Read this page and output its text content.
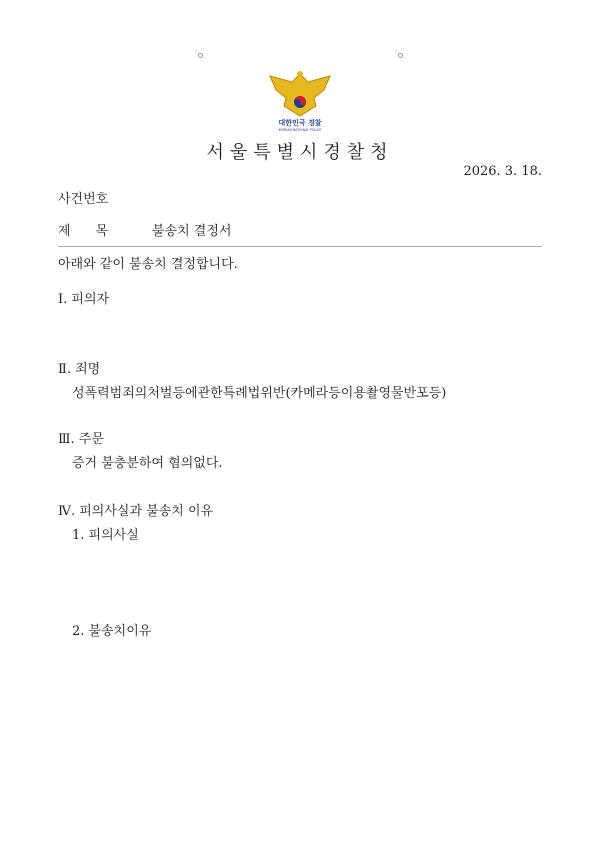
대한민국 경찰
KOREAN NATIONAL POLICE
서울특별시경찰청
2026. 3. 18.
사건번호
제      목	불송치 결정서
아래와 같이 불송치 결정합니다.
Ⅰ. 피의자
Ⅱ. 죄명
성폭력범죄의처벌등에관한특례법위반(카메라등이용촬영물반포등)
Ⅲ. 주문
증거 불충분하여 혐의없다.
Ⅳ. 피의사실과 불송치 이유
1. 피의사실
2. 불송치이유
